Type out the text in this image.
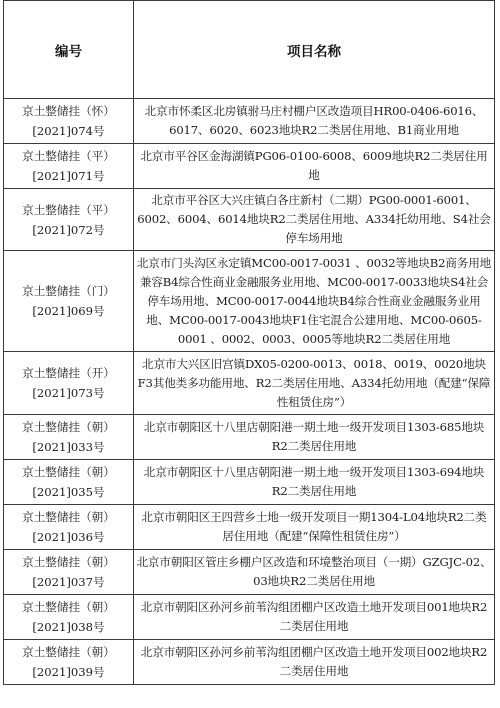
编号	项目名称

京土整储挂（怀）
[2021]074号	北京市怀柔区北房镇驸马庄村棚户区改造项目HR00-0406-6016、6017、6020、6023地块R2二类居住用地、B1商业用地

京土整储挂（平）
[2021]071号	北京市平谷区金海湖镇PG06-0100-6008、6009地块R2二类居住用地

京土整储挂（平）
[2021]072号	北京市平谷区大兴庄镇白各庄新村（二期）PG00-0001-6001、6002、6004、6014地块R2二类居住用地、A334托幼用地、S4社会停车场用地

京土整储挂（门）
[2021]069号	北京市门头沟区永定镇MC00-0017-0031 、0032等地块B2商务用地兼容B4综合性商业金融服务业用地、MC00-0017-0033地块S4社会停车场用地、MC00-0017-0044地块B4综合性商业金融服务业用地、MC00-0017-0043地块F1住宅混合公建用地、MC00-0605-0001 、0002、0003、0005等地块R2二类居住用地

京土整储挂（开）
[2021]073号	北京市大兴区旧宫镇DX05-0200-0013、0018、0019、0020地块F3其他类多功能用地、R2二类居住用地、A334托幼用地（配建“保障性租赁住房”）

京土整储挂（朝）
[2021]033号	北京市朝阳区十八里店朝阳港一期土地一级开发项目1303-685地块R2二类居住用地

京土整储挂（朝）
[2021]035号	北京市朝阳区十八里店朝阳港一期土地一级开发项目1303-694地块R2二类居住用地

京土整储挂（朝）
[2021]036号	北京市朝阳区王四营乡土地一级开发项目一期1304-L04地块R2二类居住用地（配建“保障性租赁住房”）

京土整储挂（朝）
[2021]037号	北京市朝阳区管庄乡棚户区改造和环境整治项目（一期）GZGJC-02、03地块R2二类居住用地

京土整储挂（朝）
[2021]038号	北京市朝阳区孙河乡前苇沟组团棚户区改造土地开发项目001地块R2二类居住用地

京土整储挂（朝）
[2021]039号	北京市朝阳区孙河乡前苇沟组团棚户区改造土地开发项目002地块R2二类居住用地
